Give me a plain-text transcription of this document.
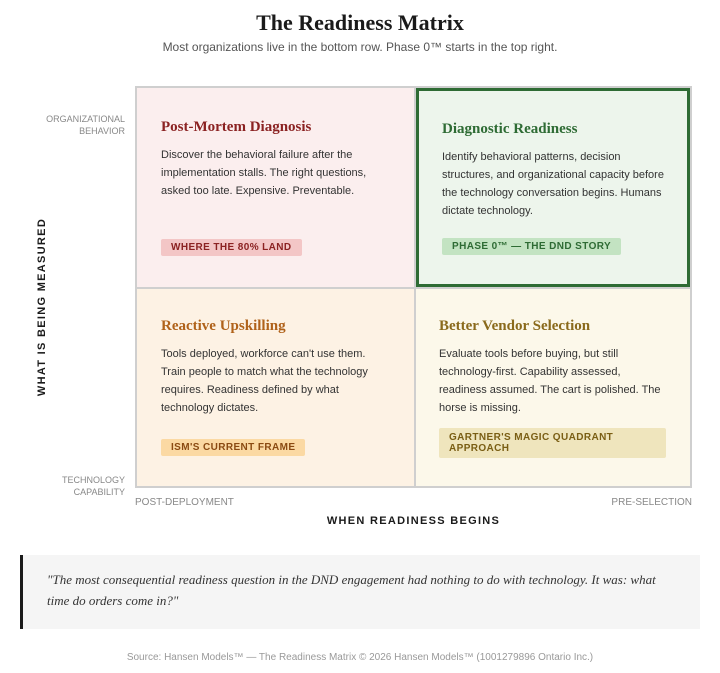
The Readiness Matrix
Most organizations live in the bottom row. Phase 0™ starts in the top right.
WHAT IS BEING MEASURED
ORGANIZATIONAL
BEHAVIOR
TECHNOLOGY
CAPABILITY
Post-Mortem Diagnosis

Discover the behavioral failure after the implementation stalls. The right questions, asked too late. Expensive. Preventable.

WHERE THE 80% LAND
Diagnostic Readiness

Identify behavioral patterns, decision structures, and organizational capacity before the technology conversation begins. Humans dictate technology.

PHASE 0™ — THE DND STORY
Reactive Upskilling

Tools deployed, workforce can't use them. Train people to match what the technology requires. Readiness defined by what technology dictates.

ISM'S CURRENT FRAME
Better Vendor Selection

Evaluate tools before buying, but still technology-first. Capability assessed, readiness assumed. The cart is polished. The horse is missing.

GARTNER'S MAGIC QUADRANT APPROACH
POST-DEPLOYMENT	PRE-SELECTION
WHEN READINESS BEGINS
"The most consequential readiness question in the DND engagement had nothing to do with technology. It was: what time do orders come in?"
Source: Hansen Models™ — The Readiness Matrix © 2026 Hansen Models™ (1001279896 Ontario Inc.)
